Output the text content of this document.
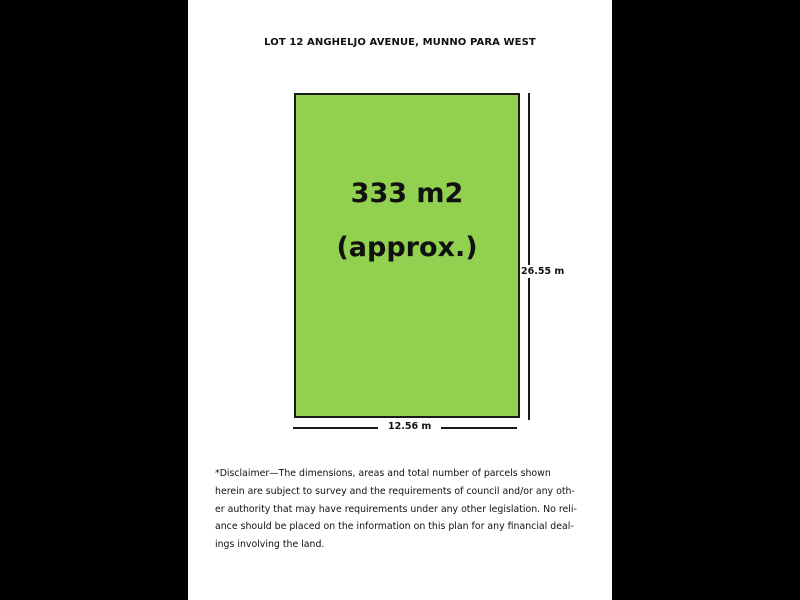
LOT 12 ANGHELJO AVENUE, MUNNO PARA WEST
333 m2
(approx.)
26.55 m
12.56 m
*Disclaimer—The dimensions, areas and total number of parcels shown
herein are subject to survey and the requirements of council and/or any oth-
er authority that may have requirements under any other legislation. No reli-
ance should be placed on the information on this plan for any financial deal-
ings involving the land.
